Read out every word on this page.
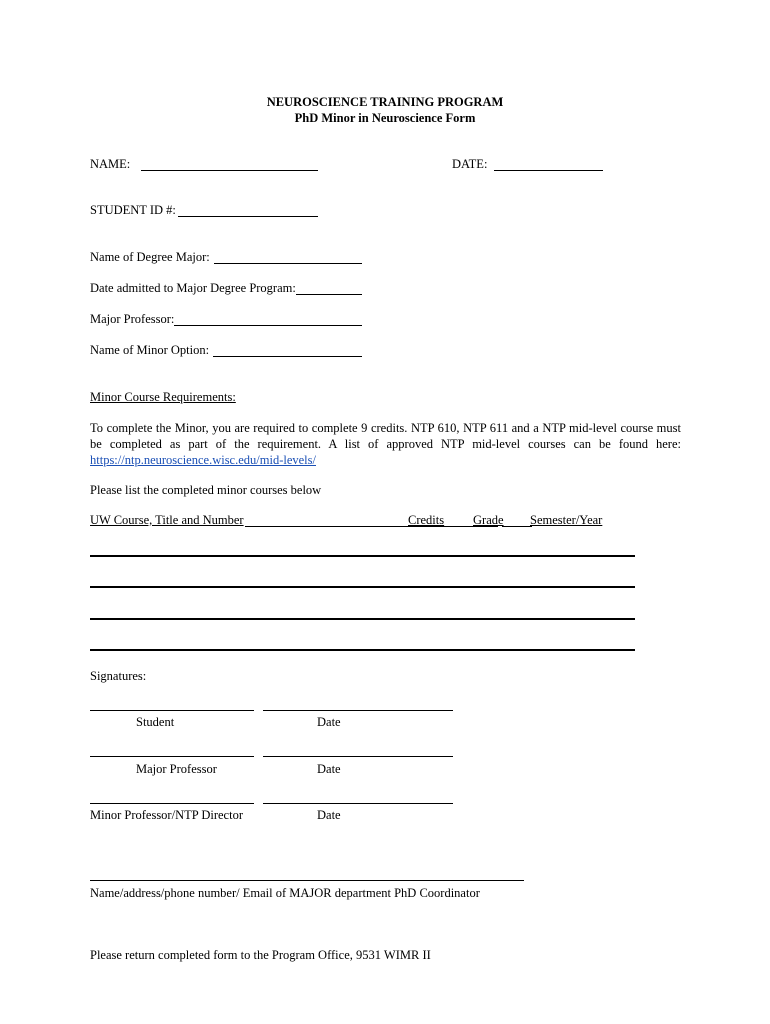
NEUROSCIENCE TRAINING PROGRAM
PhD Minor in Neuroscience Form
NAME:	DATE:
STUDENT ID #:
Name of Degree Major:
Date admitted to Major Degree Program:
Major Professor:
Name of Minor Option:
Minor Course Requirements:
To complete the Minor, you are required to complete 9 credits. NTP 610, NTP 611 and a NTP mid-level course must be completed as part of the requirement. A list of approved NTP mid-level courses can be found here: https://ntp.neuroscience.wisc.edu/mid-levels/
Please list the completed minor courses below
UW Course, Title and Number	Credits Grade Semester/Year
Signatures:
Student	Date
Major Professor	Date
Minor Professor/NTP Director	Date
Name/address/phone number/ Email of MAJOR department PhD Coordinator
Please return completed form to the Program Office, 9531 WIMR II
